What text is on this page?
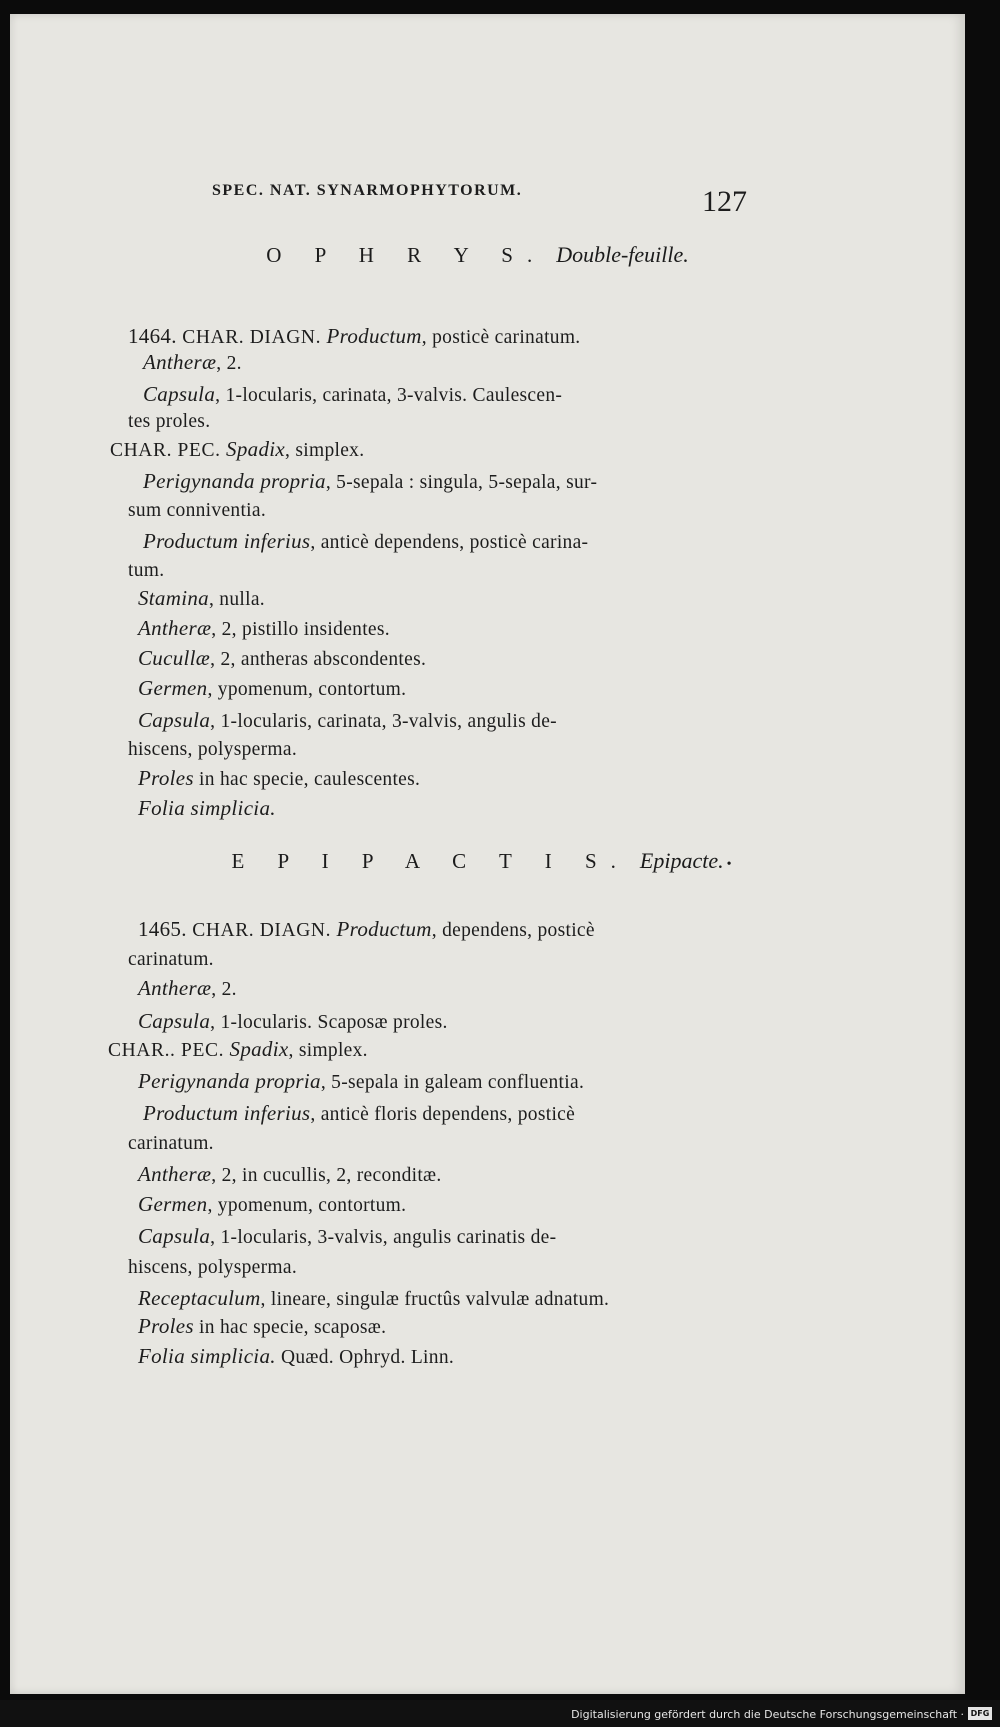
SPEC. NAT. SYNARMOPHYTORUM.	127
O P H R Y S. Double-feuille.
1464. CHAR. DIAGN. Productum, posticè carinatum.
Antheræ, 2.
Capsula, 1-locularis, carinata, 3-valvis. Caulescen-
tes proles.
CHAR. PEC. Spadix, simplex.
Perigynanda propria, 5-sepala : singula, 5-sepala, sur-
sum conniventia.
Productum inferius, anticè dependens, posticè carina-
tum.
Stamina, nulla.
Antheræ, 2, pistillo insidentes.
Cucullæ, 2, antheras abscondentes.
Germen, ypomenum, contortum.
Capsula, 1-locularis, carinata, 3-valvis, angulis de-
hiscens, polysperma.
Proles in hac specie, caulescentes.
Folia simplicia.
E P I P A C T I S. Epipacte. •
1465. CHAR. DIAGN. Productum, dependens, posticè
carinatum.
Antheræ, 2.
Capsula, 1-locularis. Scaposæ proles.
CHAR.. PEC. Spadix, simplex.
Perigynanda propria, 5-sepala in galeam confluentia.
Productum inferius, anticè floris dependens, posticè
carinatum.
Antheræ, 2, in cucullis, 2, reconditæ.
Germen, ypomenum, contortum.
Capsula, 1-locularis, 3-valvis, angulis carinatis de-
hiscens, polysperma.
Receptaculum, lineare, singulæ fructûs valvulæ adnatum.
Proles in hac specie, scaposæ.
Folia simplicia. Quæd. Ophryd. Linn.
Digitalisierung gefördert durch die Deutsche Forschungsgemeinschaft · DFG
